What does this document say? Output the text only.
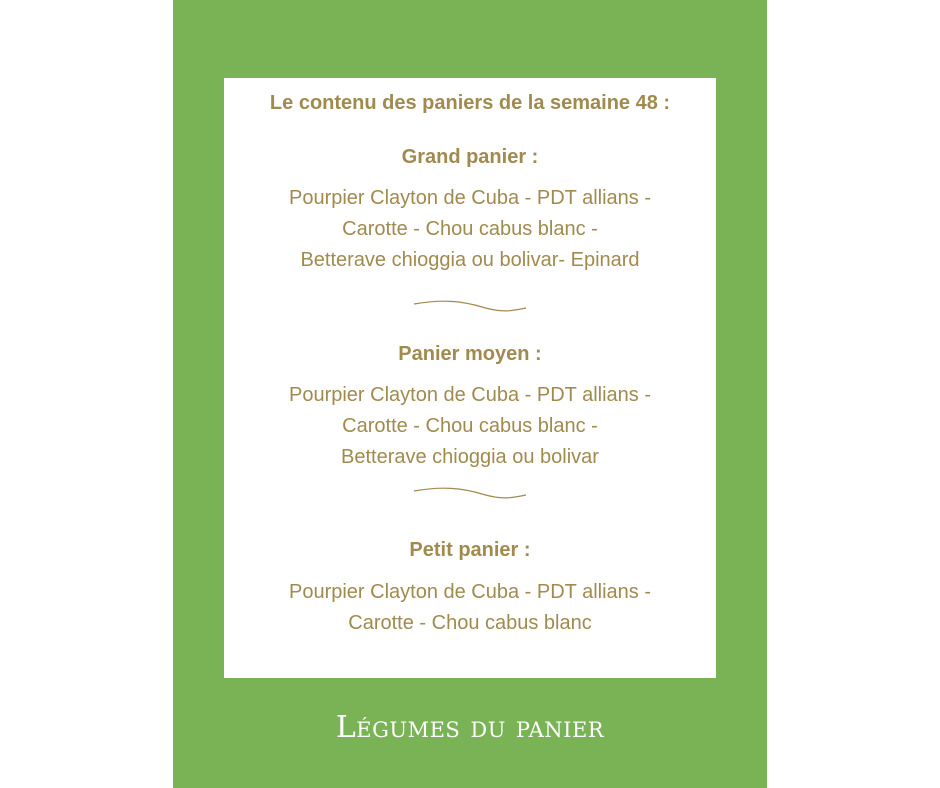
Le contenu des paniers de la semaine 48 :
Grand panier :
Pourpier Clayton de Cuba - PDT allians -
Carotte - Chou cabus blanc -
Betterave chioggia ou bolivar- Epinard
Panier moyen :
Pourpier Clayton de Cuba - PDT allians -
Carotte - Chou cabus blanc -
Betterave chioggia ou bolivar
Petit panier :
Pourpier Clayton de Cuba - PDT allians -
Carotte - Chou cabus blanc
Légumes du panier
